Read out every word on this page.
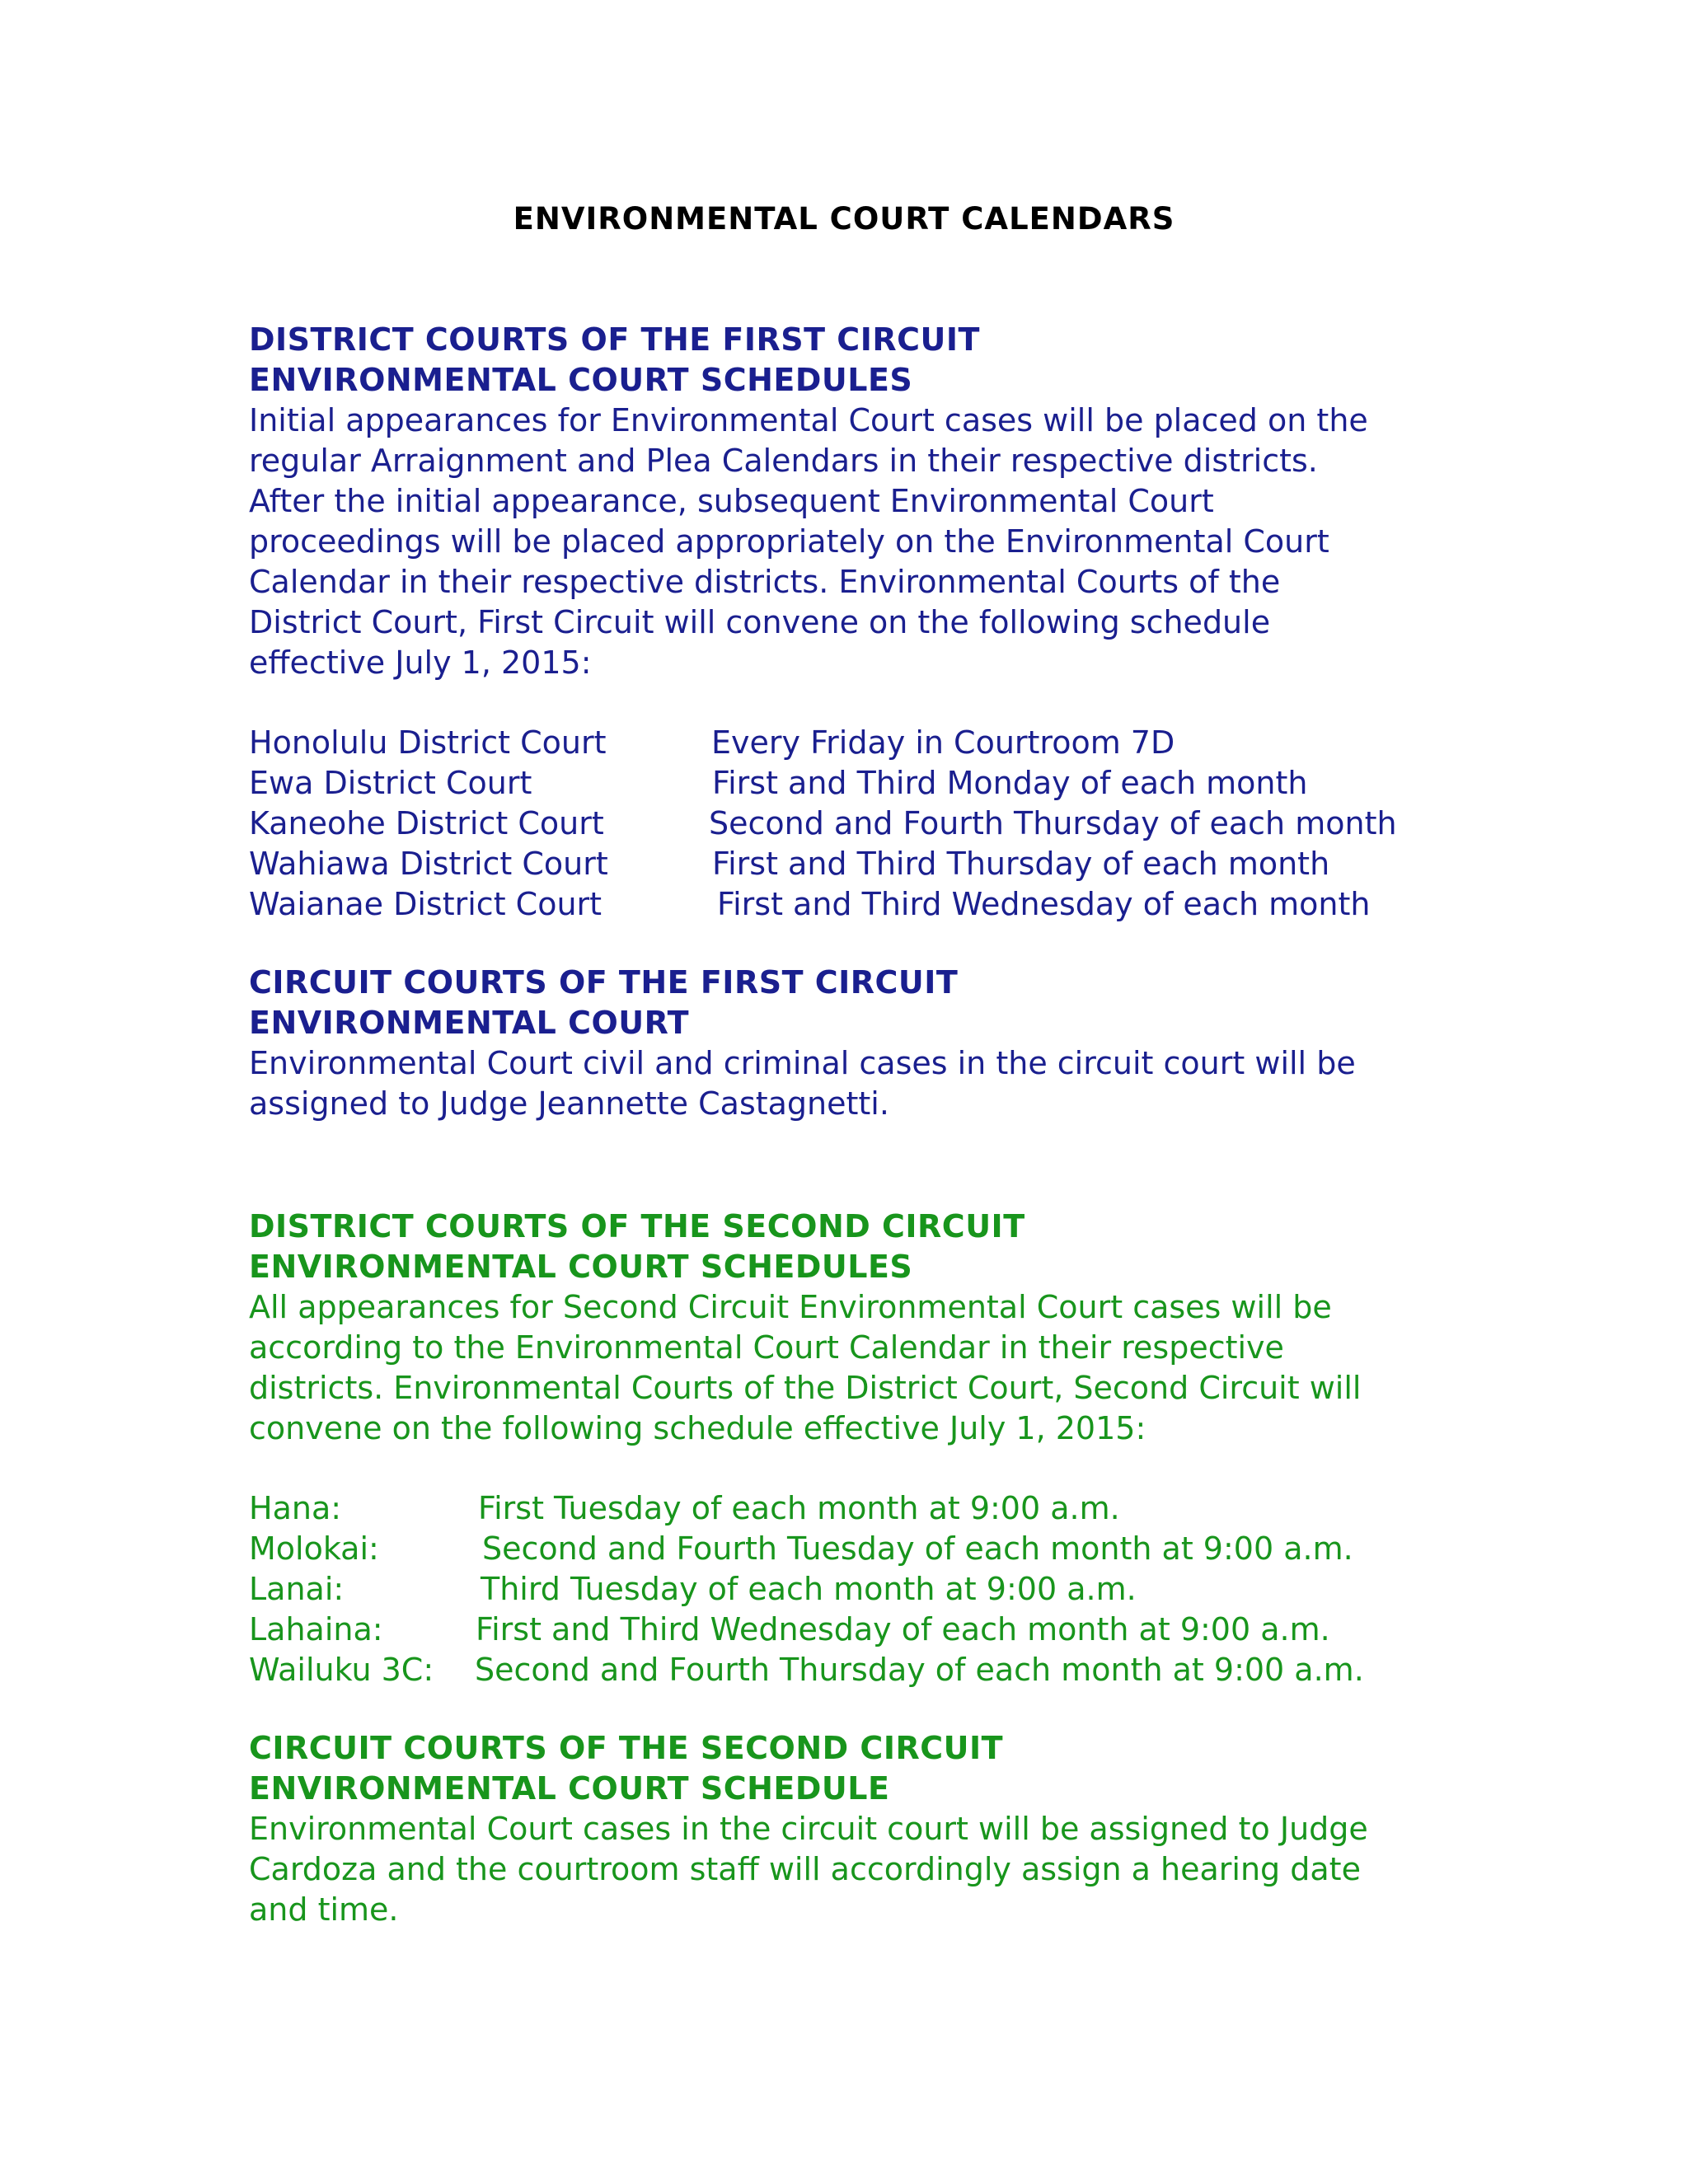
ENVIRONMENTAL COURT CALENDARS

DISTRICT COURTS OF THE FIRST CIRCUIT

ENVIRONMENTAL COURT SCHEDULES

Initial appearances for Environmental Court cases will be placed on the

regular Arraignment and Plea Calendars in their respective districts.

After the initial appearance, subsequent Environmental Court

proceedings will be placed appropriately on the Environmental Court

Calendar in their respective districts. Environmental Courts of the

District Court, First Circuit will convene on the following schedule

effective July 1, 2015:

Honolulu District Court	Every Friday in Courtroom 7D
Ewa District Court	First and Third Monday of each month
Kaneohe District Court	Second and Fourth Thursday of each month
Wahiawa District Court	First and Third Thursday of each month
Waianae District Court	First and Third Wednesday of each month

CIRCUIT COURTS OF THE FIRST CIRCUIT

ENVIRONMENTAL COURT

Environmental Court civil and criminal cases in the circuit court will be

assigned to Judge Jeannette Castagnetti.

DISTRICT COURTS OF THE SECOND CIRCUIT

ENVIRONMENTAL COURT SCHEDULES

All appearances for Second Circuit Environmental Court cases will be

according to the Environmental Court Calendar in their respective

districts. Environmental Courts of the District Court, Second Circuit will

convene on the following schedule effective July 1, 2015:

Hana:	First Tuesday of each month at 9:00 a.m.
Molokai:	Second and Fourth Tuesday of each month at 9:00 a.m.
Lanai:	Third Tuesday of each month at 9:00 a.m.
Lahaina:	First and Third Wednesday of each month at 9:00 a.m.
Wailuku 3C: Second and Fourth Thursday of each month at 9:00 a.m.

CIRCUIT COURTS OF THE SECOND CIRCUIT

ENVIRONMENTAL COURT SCHEDULE

Environmental Court cases in the circuit court will be assigned to Judge

Cardoza and the courtroom staff will accordingly assign a hearing date

and time.
